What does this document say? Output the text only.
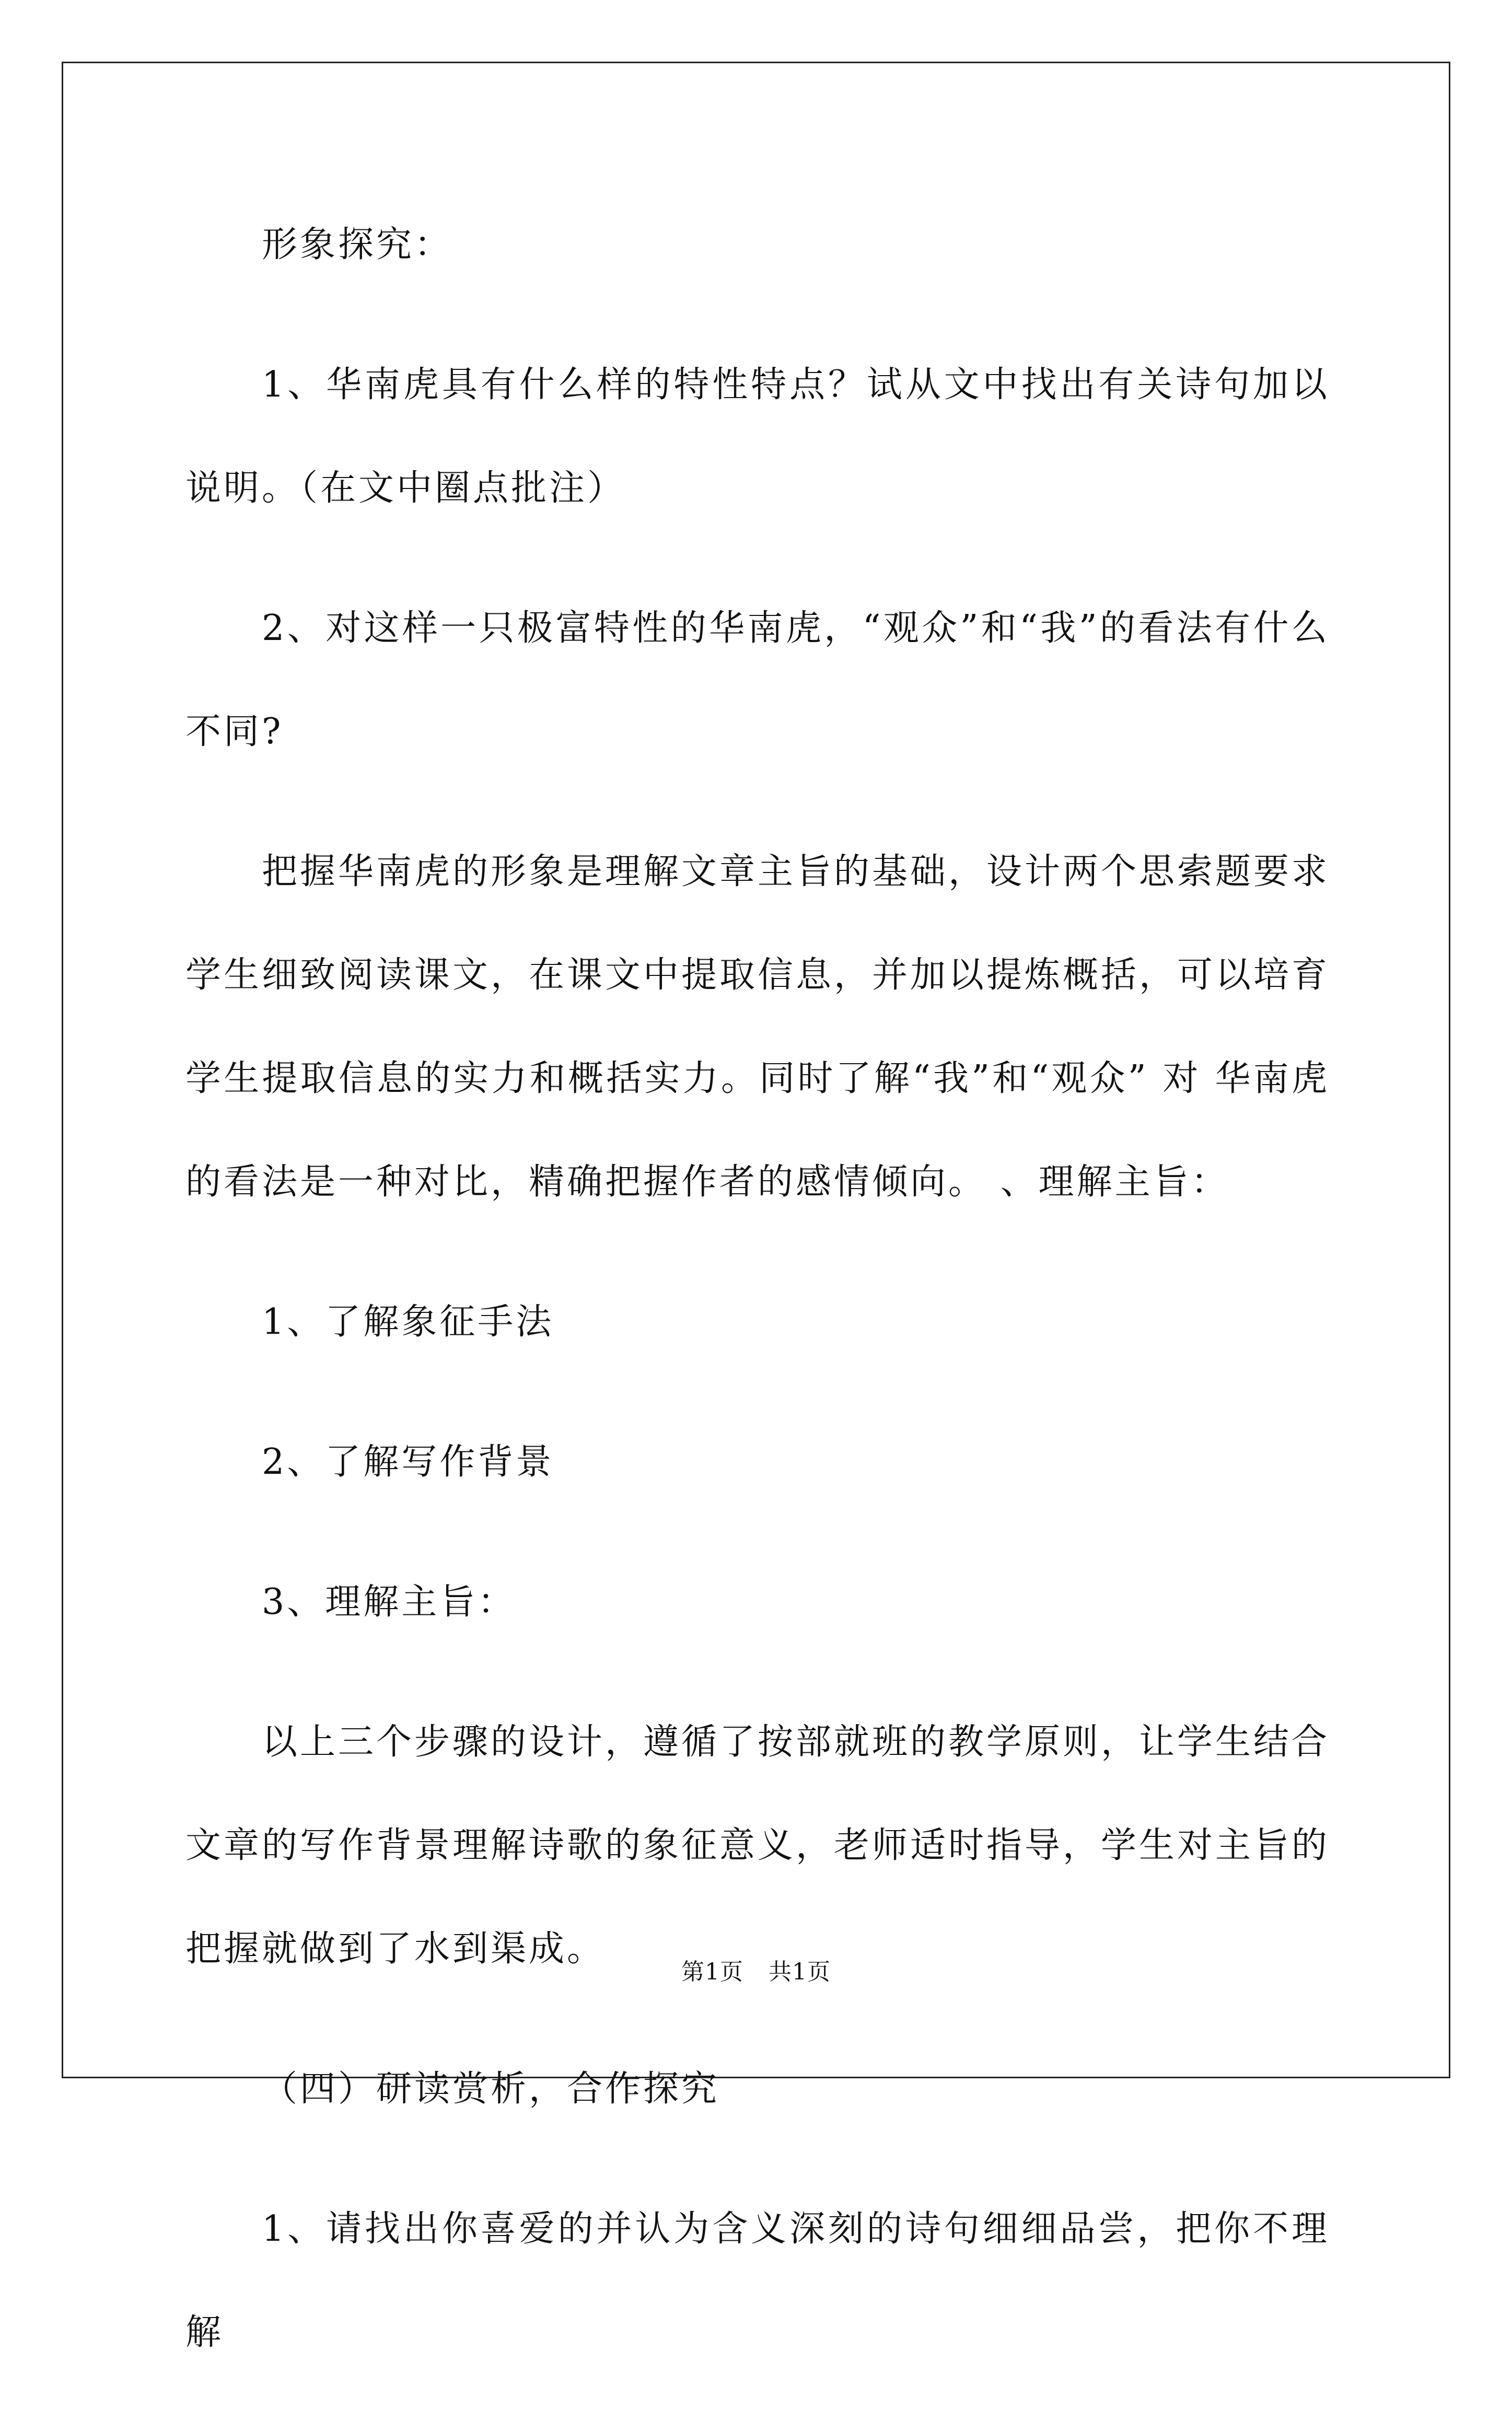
形象探究：

1、华南虎具有什么样的特性特点？试从文中找出有关诗句加以说明。（在文中圈点批注）

2、对这样一只极富特性的华南虎，“观众”和“我”的看法有什么不同?

把握华南虎的形象是理解文章主旨的基础，设计两个思索题要求学生细致阅读课文，在课文中提取信息，并加以提炼概括，可以培育学生提取信息的实力和概括实力。同时了解“我”和“观众” 对 华南虎的看法是一种对比，精确把握作者的感情倾向。 、理解主旨：

1、了解象征手法

2、了解写作背景

3、理解主旨：

以上三个步骤的设计，遵循了按部就班的教学原则，让学生结合文章的写作背景理解诗歌的象征意义，老师适时指导，学生对主旨的把握就做到了水到渠成。

（四）研读赏析，合作探究

1、请找出你喜爱的并认为含义深刻的诗句细细品尝，把你不理解

第1页 共1页
